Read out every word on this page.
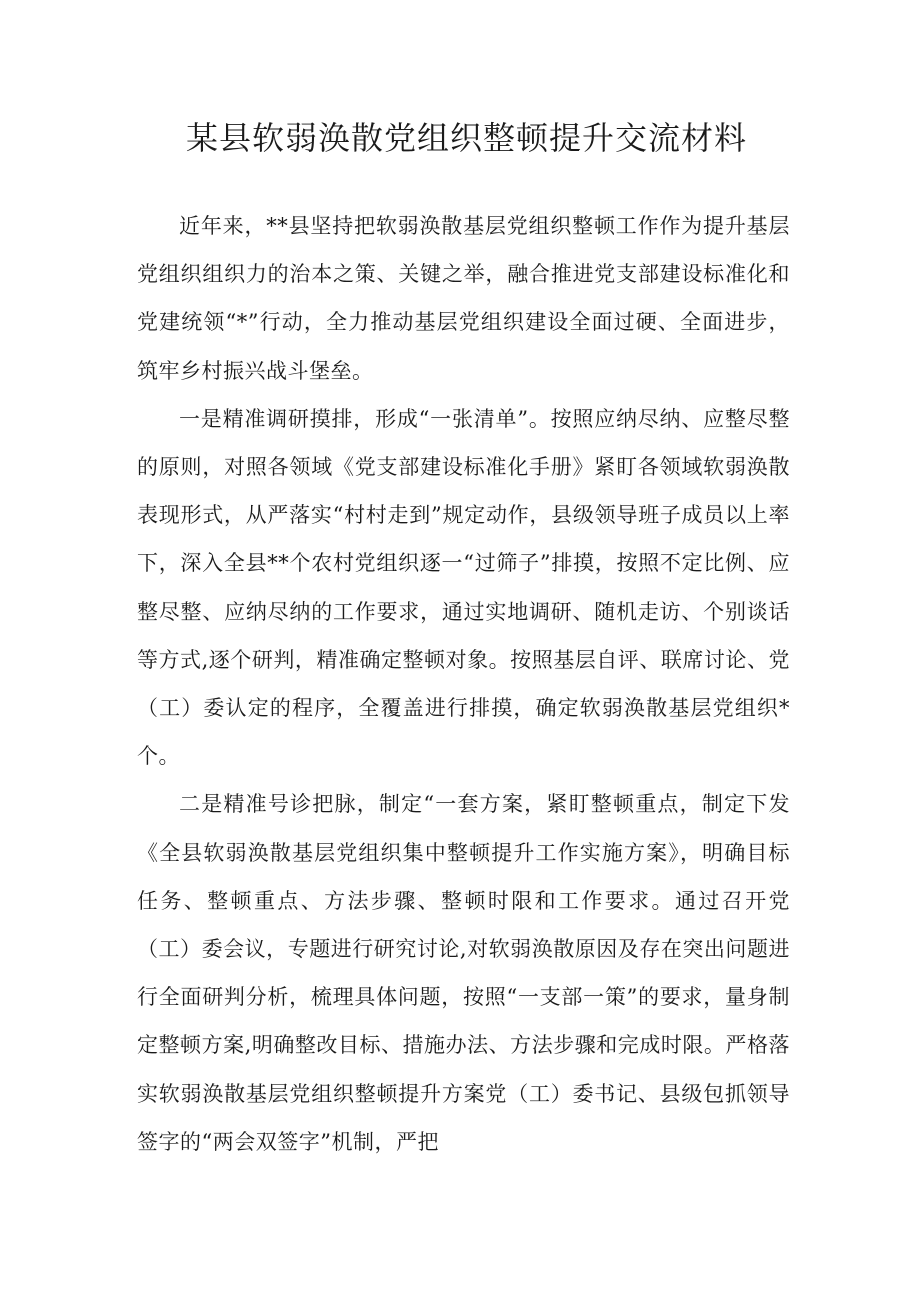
某县软弱涣散党组织整顿提升交流材料

近年来，**县坚持把软弱涣散基层党组织整顿工作作为提升基层党组织组织力的治本之策、关键之举，融合推进党支部建设标准化和党建统领“*”行动，全力推动基层党组织建设全面过硬、全面进步，筑牢乡村振兴战斗堡垒。

一是精准调研摸排，形成“一张清单”。按照应纳尽纳、应整尽整的原则，对照各领域《党支部建设标准化手册》紧盯各领域软弱涣散表现形式，从严落实“村村走到”规定动作，县级领导班子成员以上率下，深入全县**个农村党组织逐一“过筛子”排摸，按照不定比例、应整尽整、应纳尽纳的工作要求，通过实地调研、随机走访、个别谈话等方式,逐个研判，精准确定整顿对象。按照基层自评、联席讨论、党（工）委认定的程序，全覆盖进行排摸，确定软弱涣散基层党组织*个。

二是精准号诊把脉，制定“一套方案，紧盯整顿重点，制定下发《全县软弱涣散基层党组织集中整顿提升工作实施方案》，明确目标任务、整顿重点、方法步骤、整顿时限和工作要求。通过召开党（工）委会议，专题进行研究讨论,对软弱涣散原因及存在突出问题进行全面研判分析，梳理具体问题，按照“一支部一策”的要求，量身制定整顿方案,明确整改目标、措施办法、方法步骤和完成时限。严格落实软弱涣散基层党组织整顿提升方案党（工）委书记、县级包抓领导签字的“两会双签字”机制，严把
